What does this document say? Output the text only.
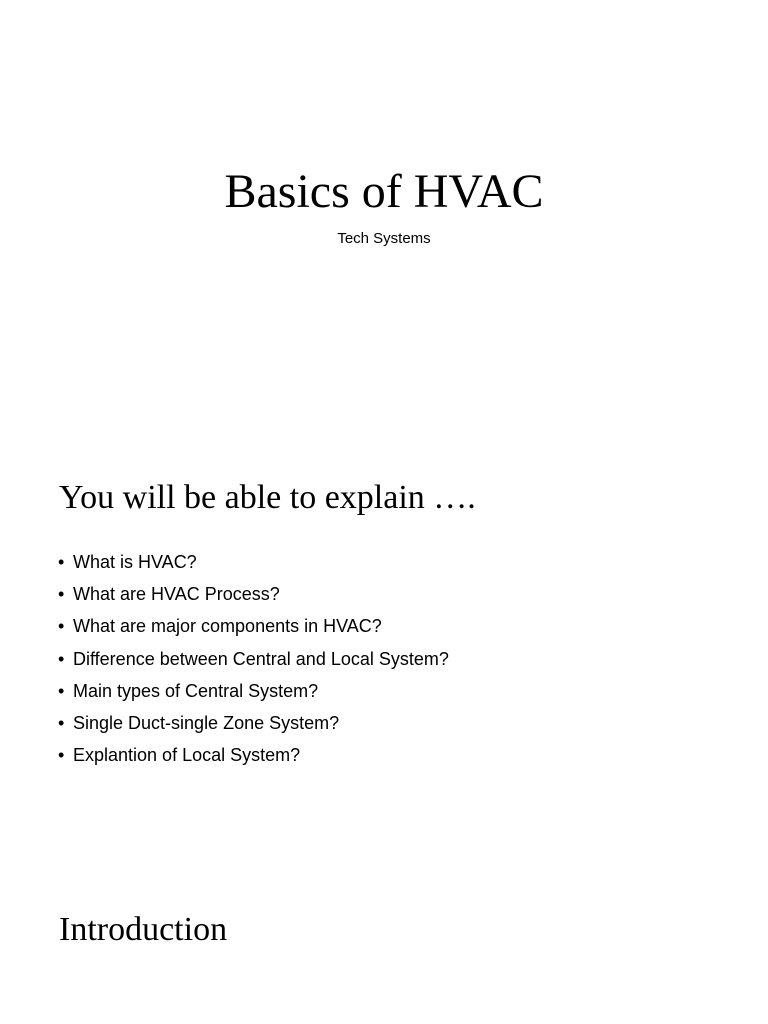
Basics of HVAC

Tech Systems

You will be able to explain ….
• What is HVAC?
• What are HVAC Process?
• What are major components in HVAC?
• Difference between Central and Local System?
• Main types of Central System?
• Single Duct-single Zone System?
• Explantion of Local System?
Introduction
